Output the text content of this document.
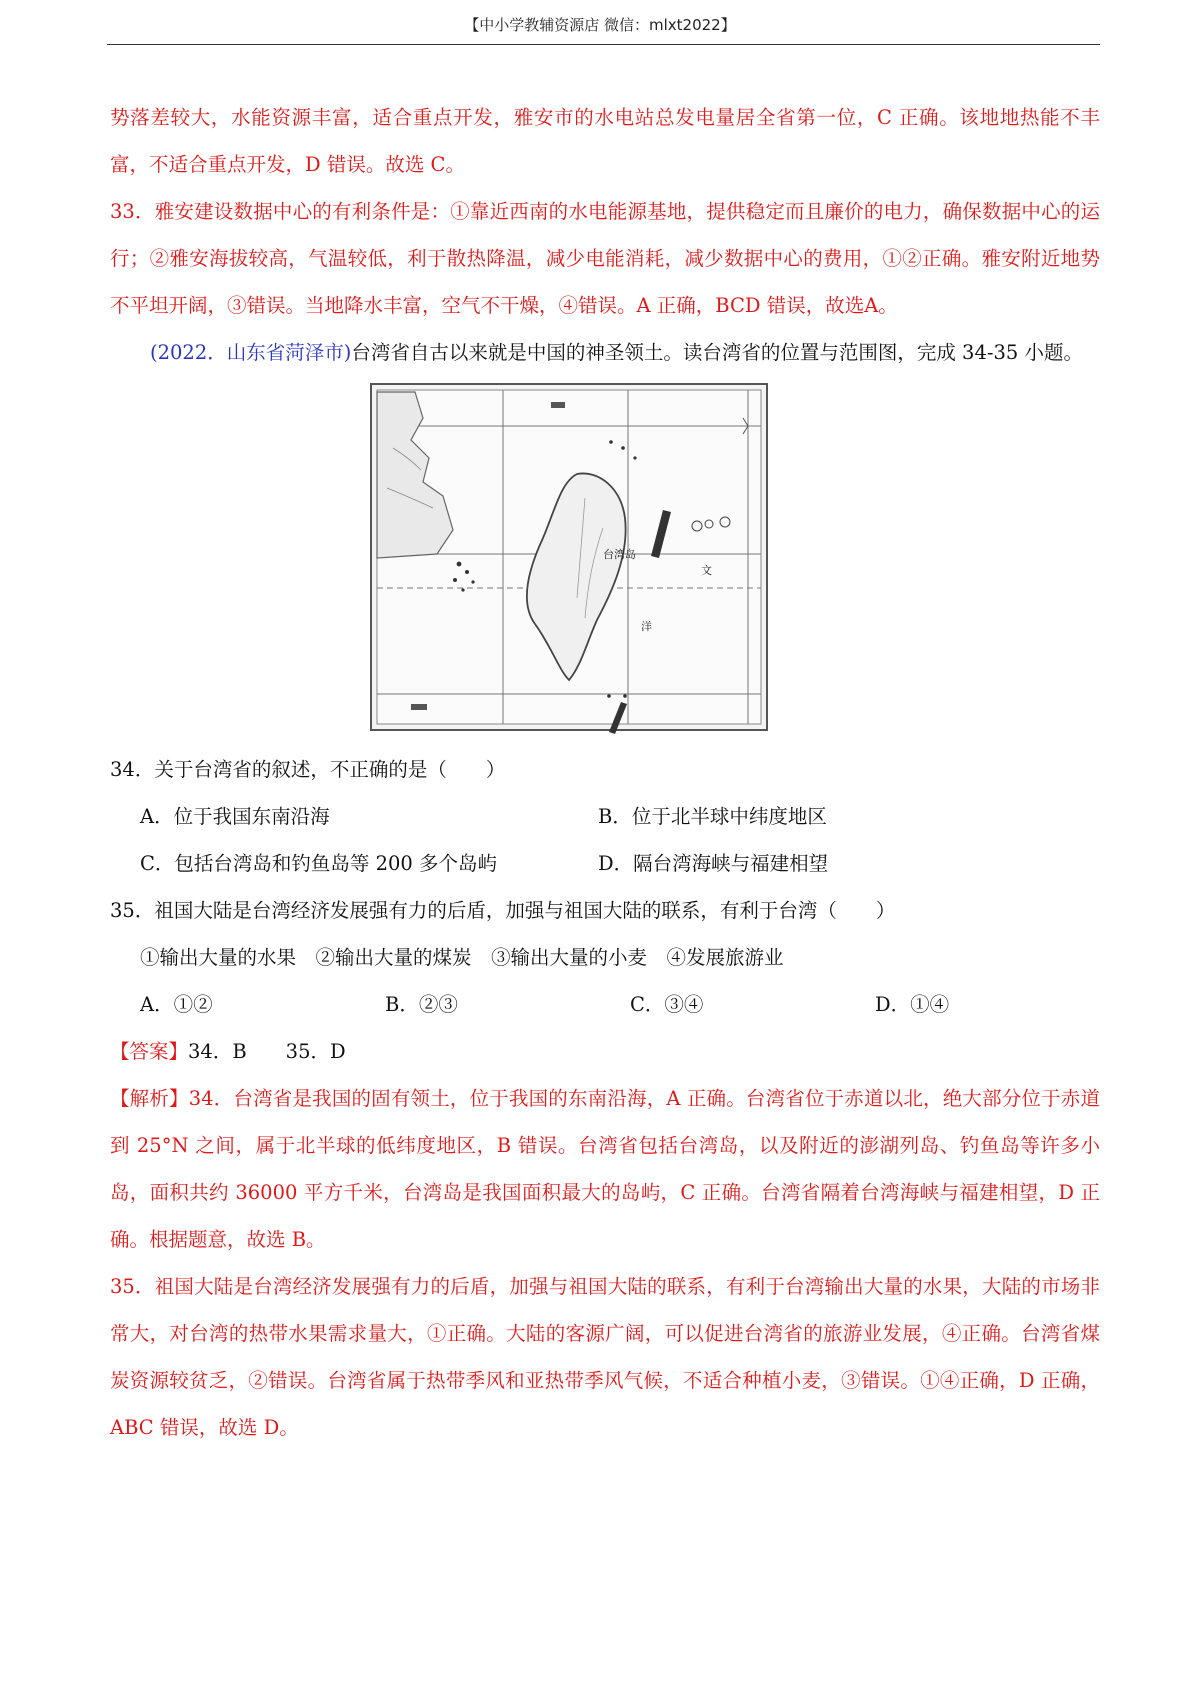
【中小学教辅资源店 微信：mlxt2022】

势落差较大，水能资源丰富，适合重点开发，雅安市的水电站总发电量居全省第一位，C 正确。该地地热能不丰富，不适合重点开发，D 错误。故选 C。

33．雅安建设数据中心的有利条件是：①靠近西南的水电能源基地，提供稳定而且廉价的电力，确保数据中心的运行；②雅安海拔较高，气温较低，利于散热降温，减少电能消耗，减少数据中心的费用，①②正确。雅安附近地势不平坦开阔，③错误。当地降水丰富，空气不干燥，④错误。A 正确，BCD 错误，故选A。

(2022．山东省菏泽市)台湾省自古以来就是中国的神圣领土。读台湾省的位置与范围图，完成 34-35 小题。

台湾岛
洋
文

34．关于台湾省的叙述，不正确的是（　　）

A．位于我国东南沿海	B．位于北半球中纬度地区
C．包括台湾岛和钓鱼岛等 200 多个岛屿	D．隔台湾海峡与福建相望

35．祖国大陆是台湾经济发展强有力的后盾，加强与祖国大陆的联系，有利于台湾（　　）

①输出大量的水果　②输出大量的煤炭　③输出大量的小麦　④发展旅游业
A．①②	B．②③	C．③④	D．①④

【答案】34．B　　35．D

【解析】34．台湾省是我国的固有领土，位于我国的东南沿海，A 正确。台湾省位于赤道以北，绝大部分位于赤道到 25°N 之间，属于北半球的低纬度地区，B 错误。台湾省包括台湾岛，以及附近的澎湖列岛、钓鱼岛等许多小岛，面积共约 36000 平方千米，台湾岛是我国面积最大的岛屿，C 正确。台湾省隔着台湾海峡与福建相望，D 正确。根据题意，故选 B。

35．祖国大陆是台湾经济发展强有力的后盾，加强与祖国大陆的联系，有利于台湾输出大量的水果，大陆的市场非常大，对台湾的热带水果需求量大，①正确。大陆的客源广阔，可以促进台湾省的旅游业发展，④正确。台湾省煤炭资源较贫乏，②错误。台湾省属于热带季风和亚热带季风气候，不适合种植小麦，③错误。①④正确，D 正确，ABC 错误，故选 D。
